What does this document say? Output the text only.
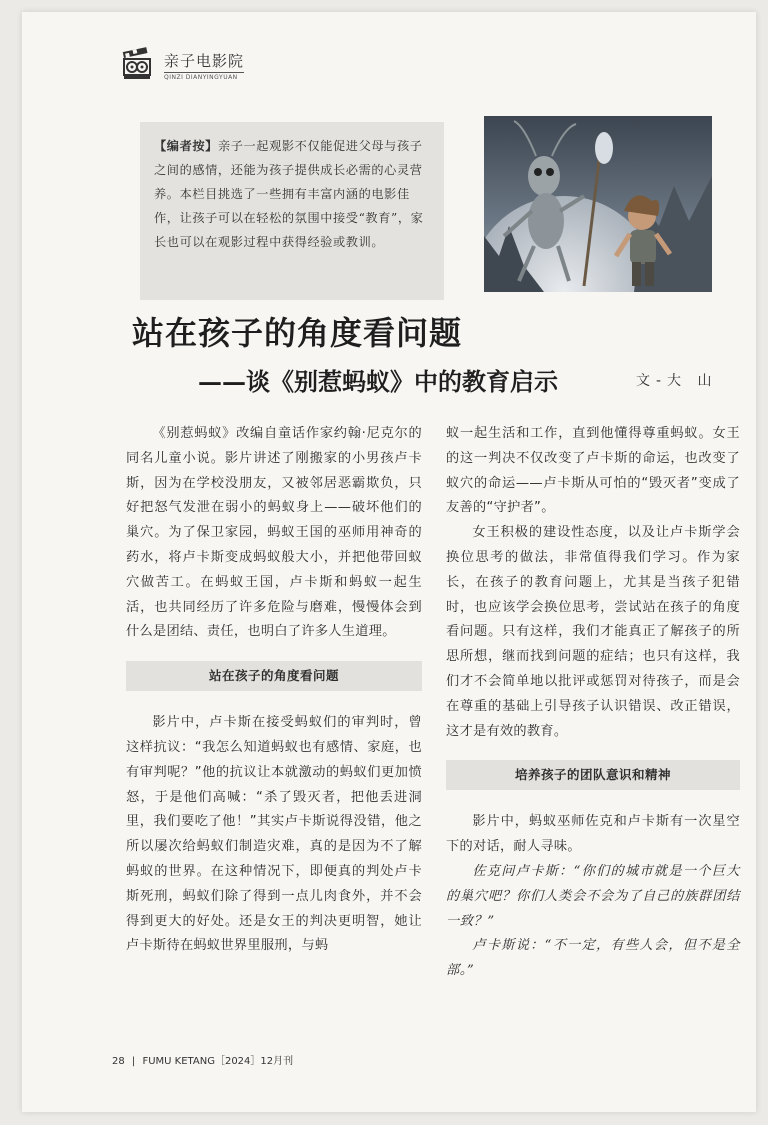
亲子电影院
QINZI DIANYINGYUAN

【编者按】亲子一起观影不仅能促进父母与孩子之间的感情，还能为孩子提供成长必需的心灵营养。本栏目挑选了一些拥有丰富内涵的电影佳作，让孩子可以在轻松的氛围中接受“教育”，家长也可以在观影过程中获得经验或教训。

站在孩子的角度看问题
——谈《别惹蚂蚁》中的教育启示	文-大 山

《别惹蚂蚁》改编自童话作家约翰·尼克尔的同名儿童小说。影片讲述了刚搬家的小男孩卢卡斯，因为在学校没朋友，又被邻居恶霸欺负，只好把怒气发泄在弱小的蚂蚁身上——破坏他们的巢穴。为了保卫家园，蚂蚁王国的巫师用神奇的药水，将卢卡斯变成蚂蚁般大小，并把他带回蚁穴做苦工。在蚂蚁王国，卢卡斯和蚂蚁一起生活，也共同经历了许多危险与磨难，慢慢体会到什么是团结、责任，也明白了许多人生道理。

站在孩子的角度看问题

影片中，卢卡斯在接受蚂蚁们的审判时，曾这样抗议：“我怎么知道蚂蚁也有感情、家庭，也有审判呢？”他的抗议让本就激动的蚂蚁们更加愤怒，于是他们高喊：“杀了毁灭者，把他丢进洞里，我们要吃了他！”其实卢卡斯说得没错，他之所以屡次给蚂蚁们制造灾难，真的是因为不了解蚂蚁的世界。在这种情况下，即便真的判处卢卡斯死刑，蚂蚁们除了得到一点儿肉食外，并不会得到更大的好处。还是女王的判决更明智，她让卢卡斯待在蚂蚁世界里服刑，与蚂

蚁一起生活和工作，直到他懂得尊重蚂蚁。女王的这一判决不仅改变了卢卡斯的命运，也改变了蚁穴的命运——卢卡斯从可怕的“毁灭者”变成了友善的“守护者”。

女王积极的建设性态度，以及让卢卡斯学会换位思考的做法，非常值得我们学习。作为家长，在孩子的教育问题上，尤其是当孩子犯错时，也应该学会换位思考，尝试站在孩子的角度看问题。只有这样，我们才能真正了解孩子的所思所想，继而找到问题的症结；也只有这样，我们才不会简单地以批评或惩罚对待孩子，而是会在尊重的基础上引导孩子认识错误、改正错误，这才是有效的教育。

培养孩子的团队意识和精神

影片中，蚂蚁巫师佐克和卢卡斯有一次星空下的对话，耐人寻味。

佐克问卢卡斯：“你们的城市就是一个巨大的巢穴吧？你们人类会不会为了自己的族群团结一致？”

卢卡斯说：“不一定，有些人会，但不是全部。”

28 | FUMU KETANG［2024］12月刊
